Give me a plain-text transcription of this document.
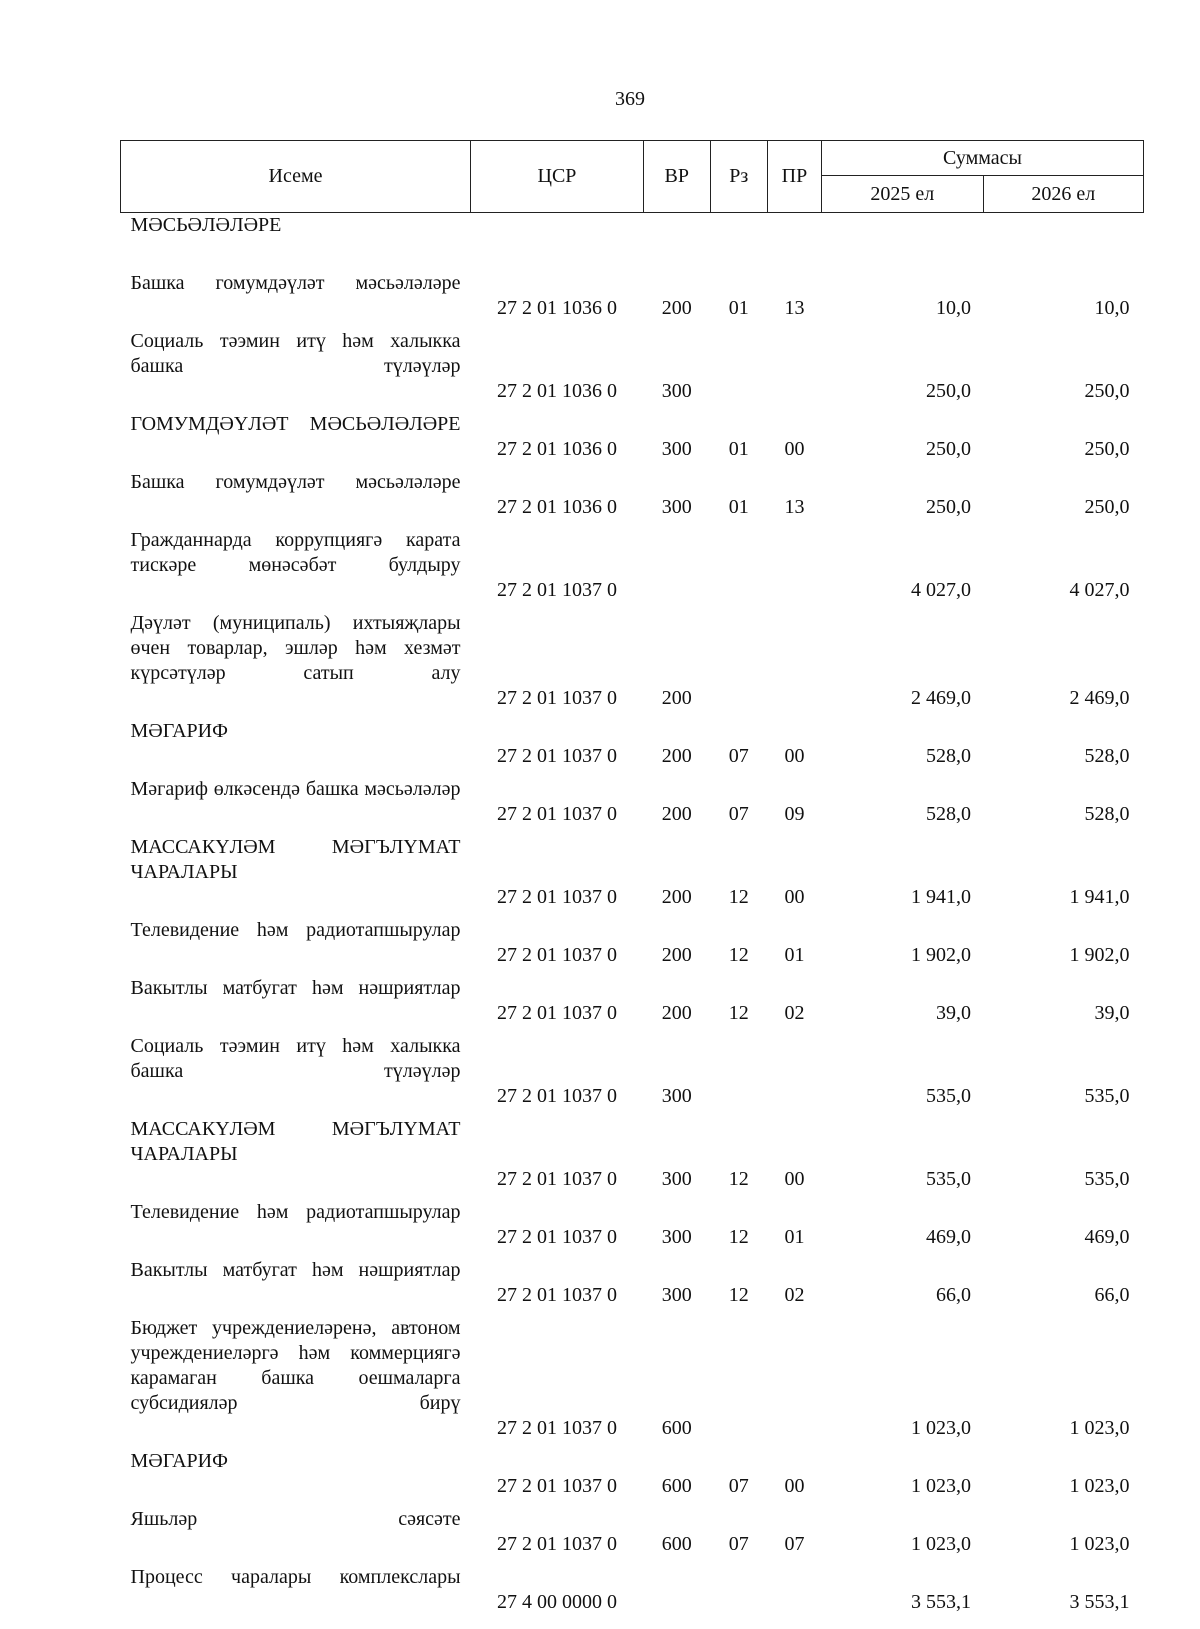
369
Исеме	ЦСР	ВР	Рз	ПР	Суммасы	
					2025 ел	2026 ел

МӘСЬӘЛӘЛӘРЕ						

Башка гомумдәүләт мәсьәләләре	27 2 01 1036 0	200	01	13	10,0	10,0

Социаль тәэмин итү һәм халыкка башка түләүләр	27 2 01 1036 0	300			250,0	250,0

ГОМУМДӘҮЛӘТ МӘСЬӘЛӘЛӘРЕ	27 2 01 1036 0	300	01	00	250,0	250,0

Башка гомумдәүләт мәсьәләләре	27 2 01 1036 0	300	01	13	250,0	250,0

Гражданнарда коррупциягә карата тискәре мөнәсәбәт булдыру	27 2 01 1037 0				4 027,0	4 027,0

Дәүләт (муниципаль) ихтыяҗлары өчен товарлар, эшләр һәм хезмәт күрсәтүләр сатып алу	27 2 01 1037 0	200			2 469,0	2 469,0

МӘГАРИФ	27 2 01 1037 0	200	07	00	528,0	528,0

Мәгариф өлкәсендә башка мәсьәләләр	27 2 01 1037 0	200	07	09	528,0	528,0

МАССАКҮЛӘМ МӘГЪЛҮМАТ ЧАРАЛАРЫ	27 2 01 1037 0	200	12	00	1 941,0	1 941,0

Телевидение һәм радиотапшырулар	27 2 01 1037 0	200	12	01	1 902,0	1 902,0

Вакытлы матбугат һәм нәшриятлар	27 2 01 1037 0	200	12	02	39,0	39,0

Социаль тәэмин итү һәм халыкка башка түләүләр	27 2 01 1037 0	300			535,0	535,0

МАССАКҮЛӘМ МӘГЪЛҮМАТ ЧАРАЛАРЫ	27 2 01 1037 0	300	12	00	535,0	535,0

Телевидение һәм радиотапшырулар	27 2 01 1037 0	300	12	01	469,0	469,0

Вакытлы матбугат һәм нәшриятлар	27 2 01 1037 0	300	12	02	66,0	66,0

Бюджет учреждениеләренә, автоном учреждениеләргә һәм коммерциягә карамаган башка оешмаларга субсидияләр бирү	27 2 01 1037 0	600			1 023,0	1 023,0

МӘГАРИФ	27 2 01 1037 0	600	07	00	1 023,0	1 023,0

Яшьләр сәясәте	27 2 01 1037 0	600	07	07	1 023,0	1 023,0

Процесс чаралары комплекслары	27 4 00 0000 0				3 553,1	3 553,1
